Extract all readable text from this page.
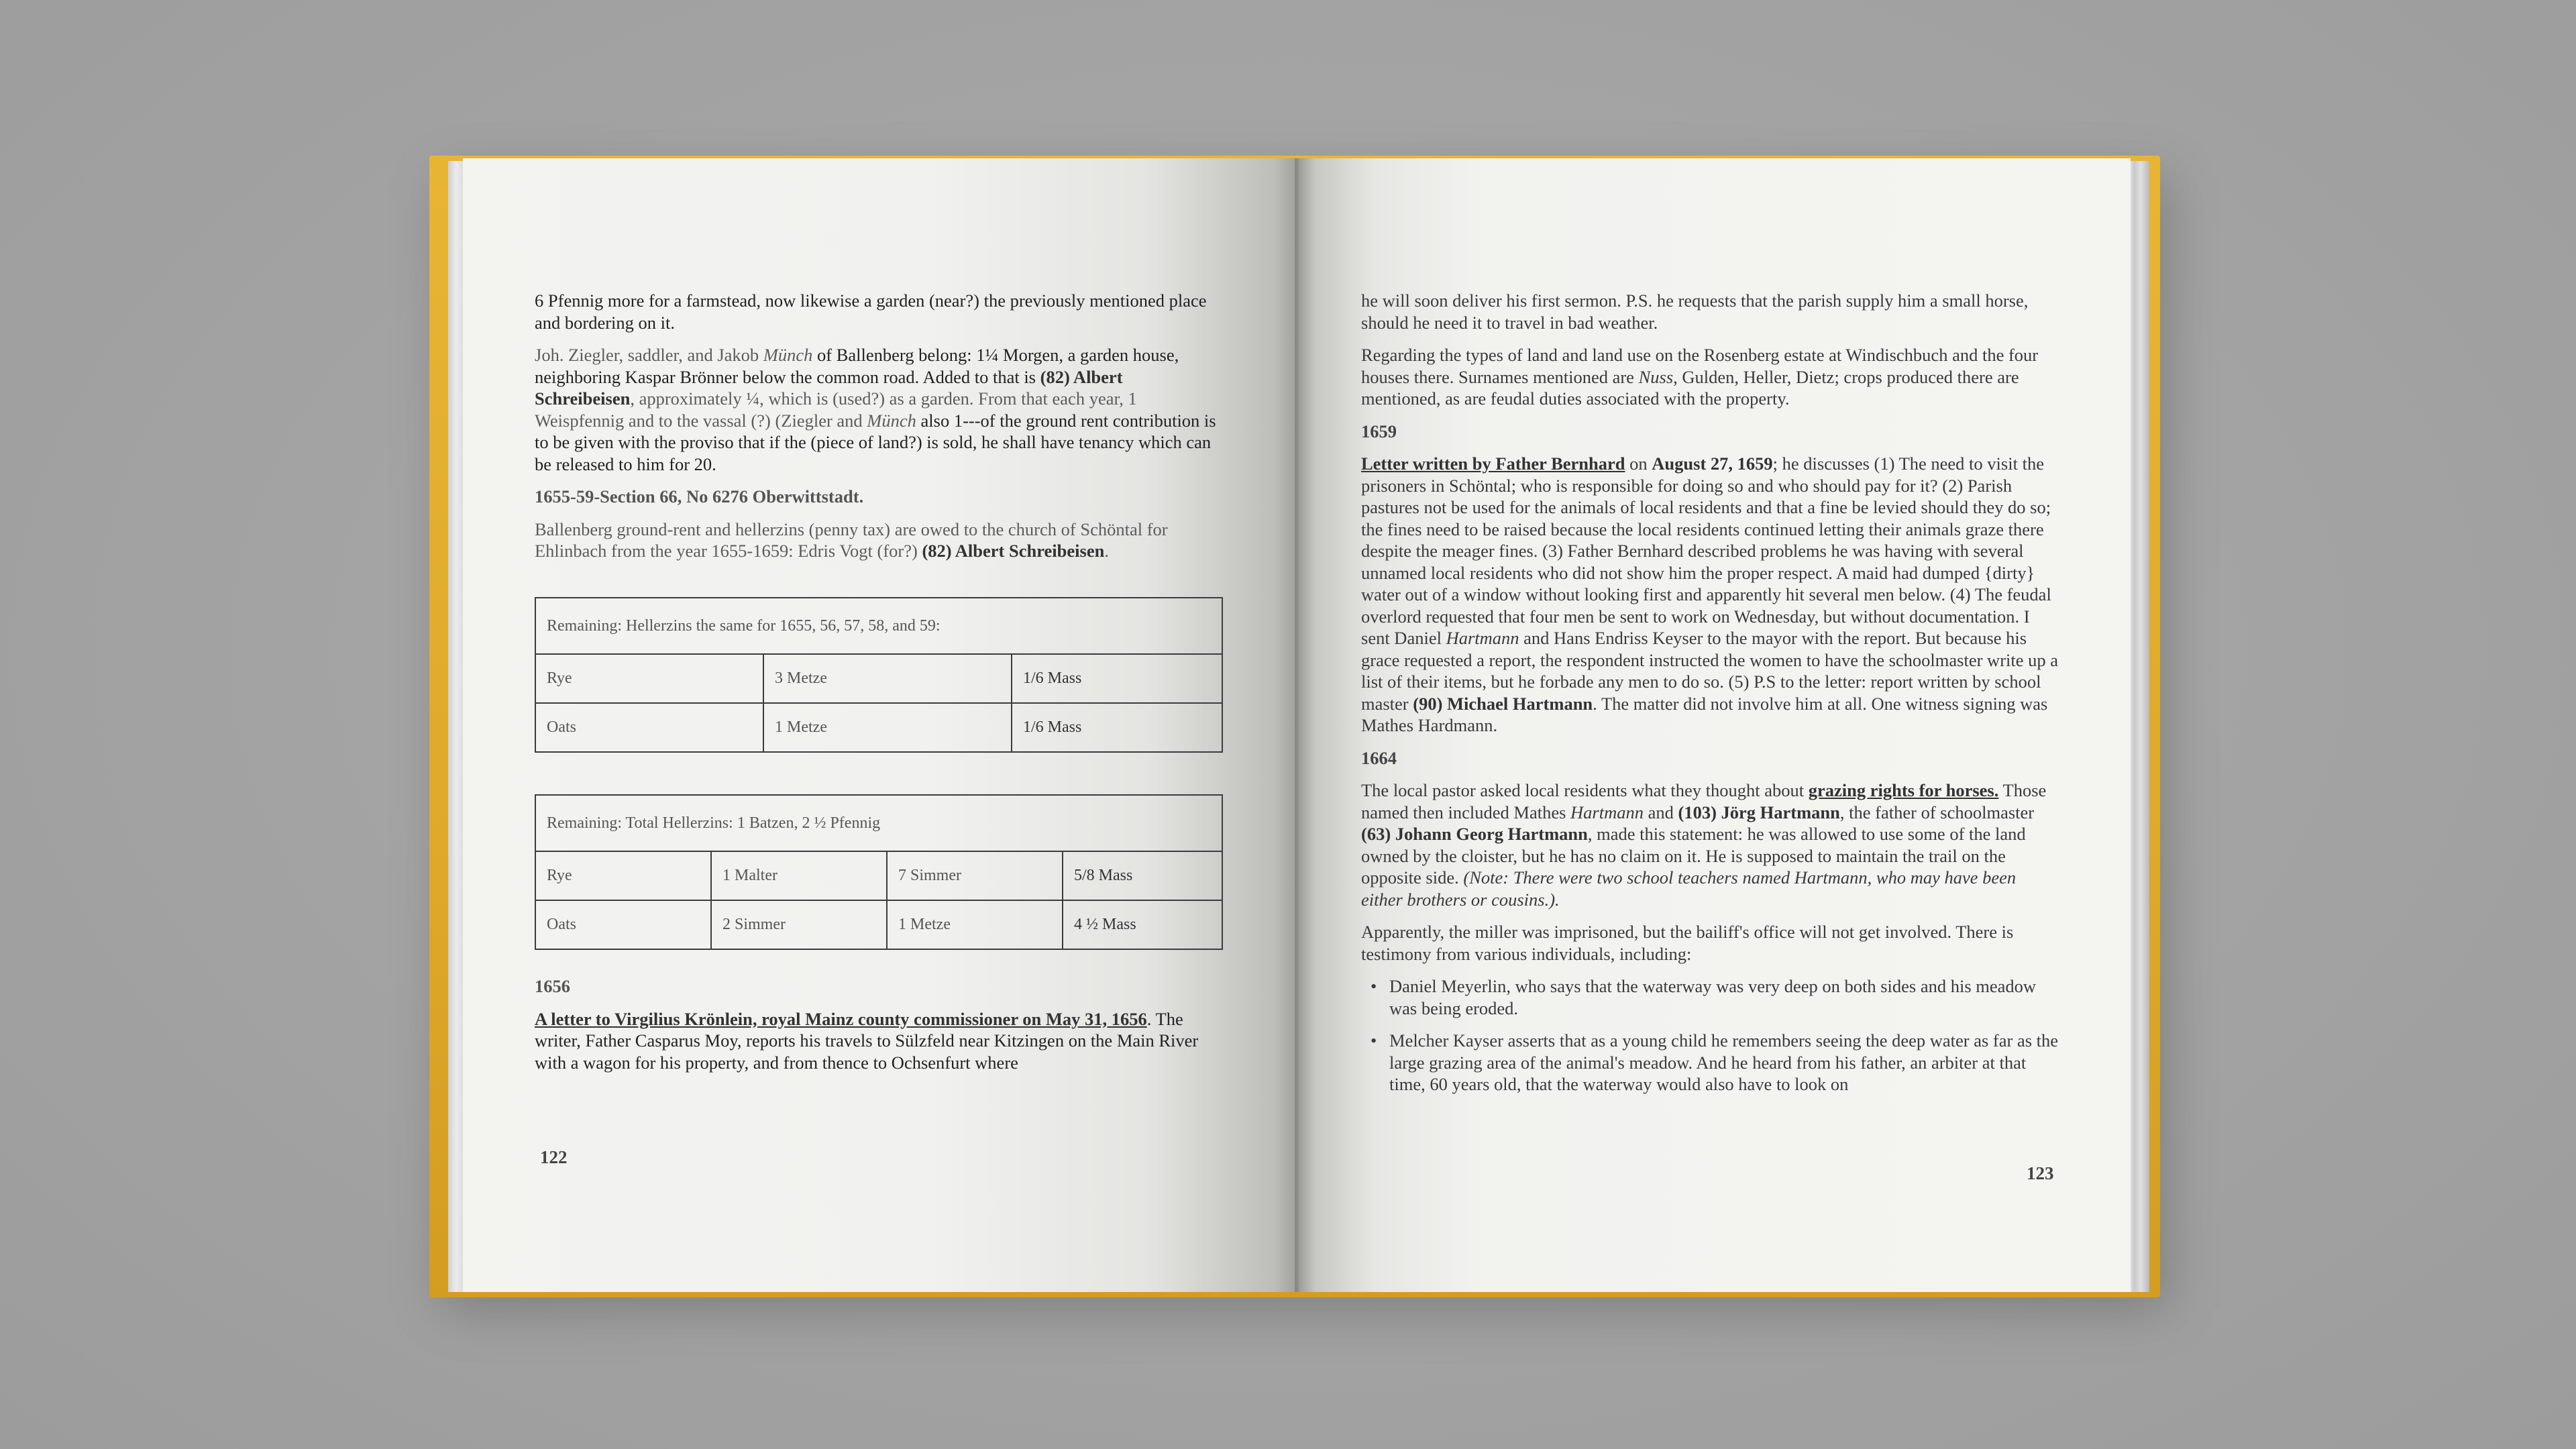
6 Pfennig more for a farmstead, now likewise a garden (near?) the previously mentioned place and bordering on it.

Joh. Ziegler, saddler, and Jakob Münch of Ballenberg belong: 1¼ Morgen, a garden house, neighboring Kaspar Brönner below the common road. Added to that is (82) Albert Schreibeisen, approximately ¼, which is (used?) as a garden. From that each year, 1 Weispfennig and to the vassal (?) (Ziegler and Münch also 1---of the ground rent contribution is to be given with the proviso that if the (piece of land?) is sold, he shall have tenancy which can be released to him for 20.

1655-59-Section 66, No 6276 Oberwittstadt.

Ballenberg ground-rent and hellerzins (penny tax) are owed to the church of Schöntal for Ehlinbach from the year 1655-1659: Edris Vogt (for?) (82) Albert Schreibeisen.

Remaining: Hellerzins the same for 1655, 56, 57, 58, and 59:		
Rye	3 Metze	1/6 Mass
Oats	1 Metze	1/6 Mass
Remaining: Total Hellerzins: 1 Batzen, 2 ½ Pfennig			
Rye	1 Malter	7 Simmer	5/8 Mass
Oats	2 Simmer	1 Metze	4 ½ Mass

1656

A letter to Virgilius Krönlein, royal Mainz county commissioner on May 31, 1656. The writer, Father Casparus Moy, reports his travels to Sülzfeld near Kitzingen on the Main River with a wagon for his property, and from thence to Ochsenfurt where

122

he will soon deliver his first sermon. P.S. he requests that the parish supply him a small horse, should he need it to travel in bad weather.

Regarding the types of land and land use on the Rosenberg estate at Windischbuch and the four houses there. Surnames mentioned are Nuss, Gulden, Heller, Dietz; crops produced there are mentioned, as are feudal duties associated with the property.

1659

Letter written by Father Bernhard on August 27, 1659; he discusses (1) The need to visit the prisoners in Schöntal; who is responsible for doing so and who should pay for it? (2) Parish pastures not be used for the animals of local residents and that a fine be levied should they do so; the fines need to be raised because the local residents continued letting their animals graze there despite the meager fines. (3) Father Bernhard described problems he was having with several unnamed local residents who did not show him the proper respect. A maid had dumped {dirty} water out of a window without looking first and apparently hit several men below. (4) The feudal overlord requested that four men be sent to work on Wednesday, but without documentation. I sent Daniel Hartmann and Hans Endriss Keyser to the mayor with the report. But because his grace requested a report, the respondent instructed the women to have the schoolmaster write up a list of their items, but he forbade any men to do so. (5) P.S to the letter: report written by school master (90) Michael Hartmann. The matter did not involve him at all. One witness signing was Mathes Hardmann.

1664

The local pastor asked local residents what they thought about grazing rights for horses. Those named then included Mathes Hartmann and (103) Jörg Hartmann, the father of schoolmaster (63) Johann Georg Hartmann, made this statement: he was allowed to use some of the land owned by the cloister, but he has no claim on it. He is supposed to maintain the trail on the opposite side. (Note: There were two school teachers named Hartmann, who may have been either brothers or cousins.).

Apparently, the miller was imprisoned, but the bailiff's office will not get involved. There is testimony from various individuals, including:

• Daniel Meyerlin, who says that the waterway was very deep on both sides and his meadow was being eroded.
• Melcher Kayser asserts that as a young child he remembers seeing the deep water as far as the large grazing area of the animal's meadow. And he heard from his father, an arbiter at that time, 60 years old, that the waterway would also have to look on
123
